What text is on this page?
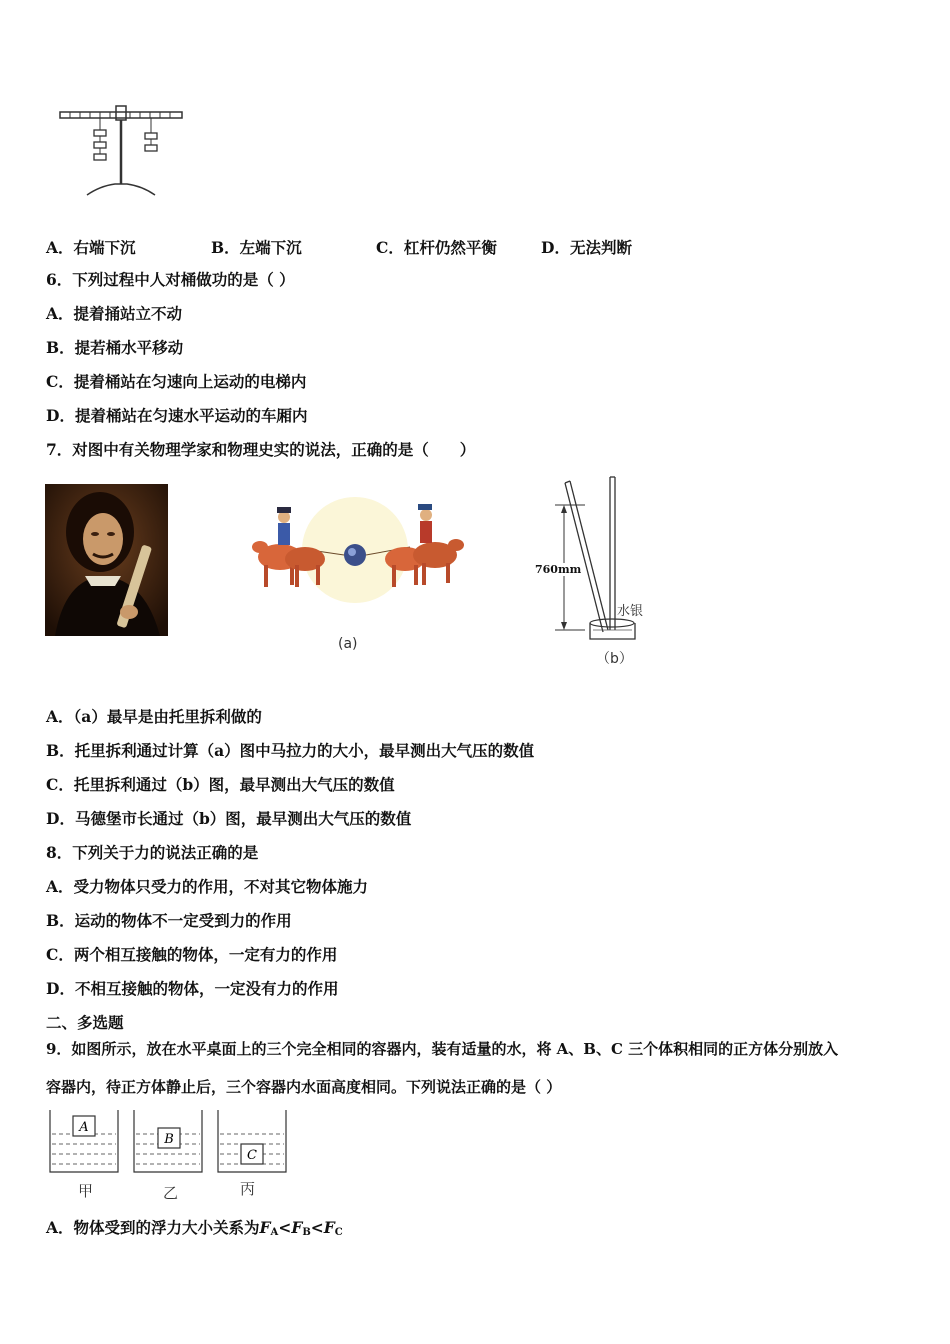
A．右端下沉	B．左端下沉	C．杠杆仍然平衡	D．无法判断
6．下列过程中人对桶做功的是（ ）
A．提着捅站立不动
B．提若桶水平移动
C．提着桶站在匀速向上运动的电梯内
D．提着桶站在匀速水平运动的车厢内
7．对图中有关物理学家和物理史实的说法，正确的是（　　）
(a)
760mm
水银
（b）
A．（a）最早是由托里拆利做的
B．托里拆利通过计算（a）图中马拉力的大小，最早测出大气压的数值
C．托里拆利通过（b）图，最早测出大气压的数值
D．马德堡市长通过（b）图，最早测出大气压的数值
8．下列关于力的说法正确的是
A．受力物体只受力的作用，不对其它物体施力
B．运动的物体不一定受到力的作用
C．两个相互接触的物体，一定有力的作用
D．不相互接触的物体，一定没有力的作用
二、多选题
9．如图所示，放在水平桌面上的三个完全相同的容器内，装有适量的水，将 A、B、C 三个体积相同的正方体分别放入
容器内，待正方体静止后，三个容器内水面高度相同。下列说法正确的是（ ）
A
B
C
甲	乙	丙
A．物体受到的浮力大小关系为$F_A<F_B<F_C$
